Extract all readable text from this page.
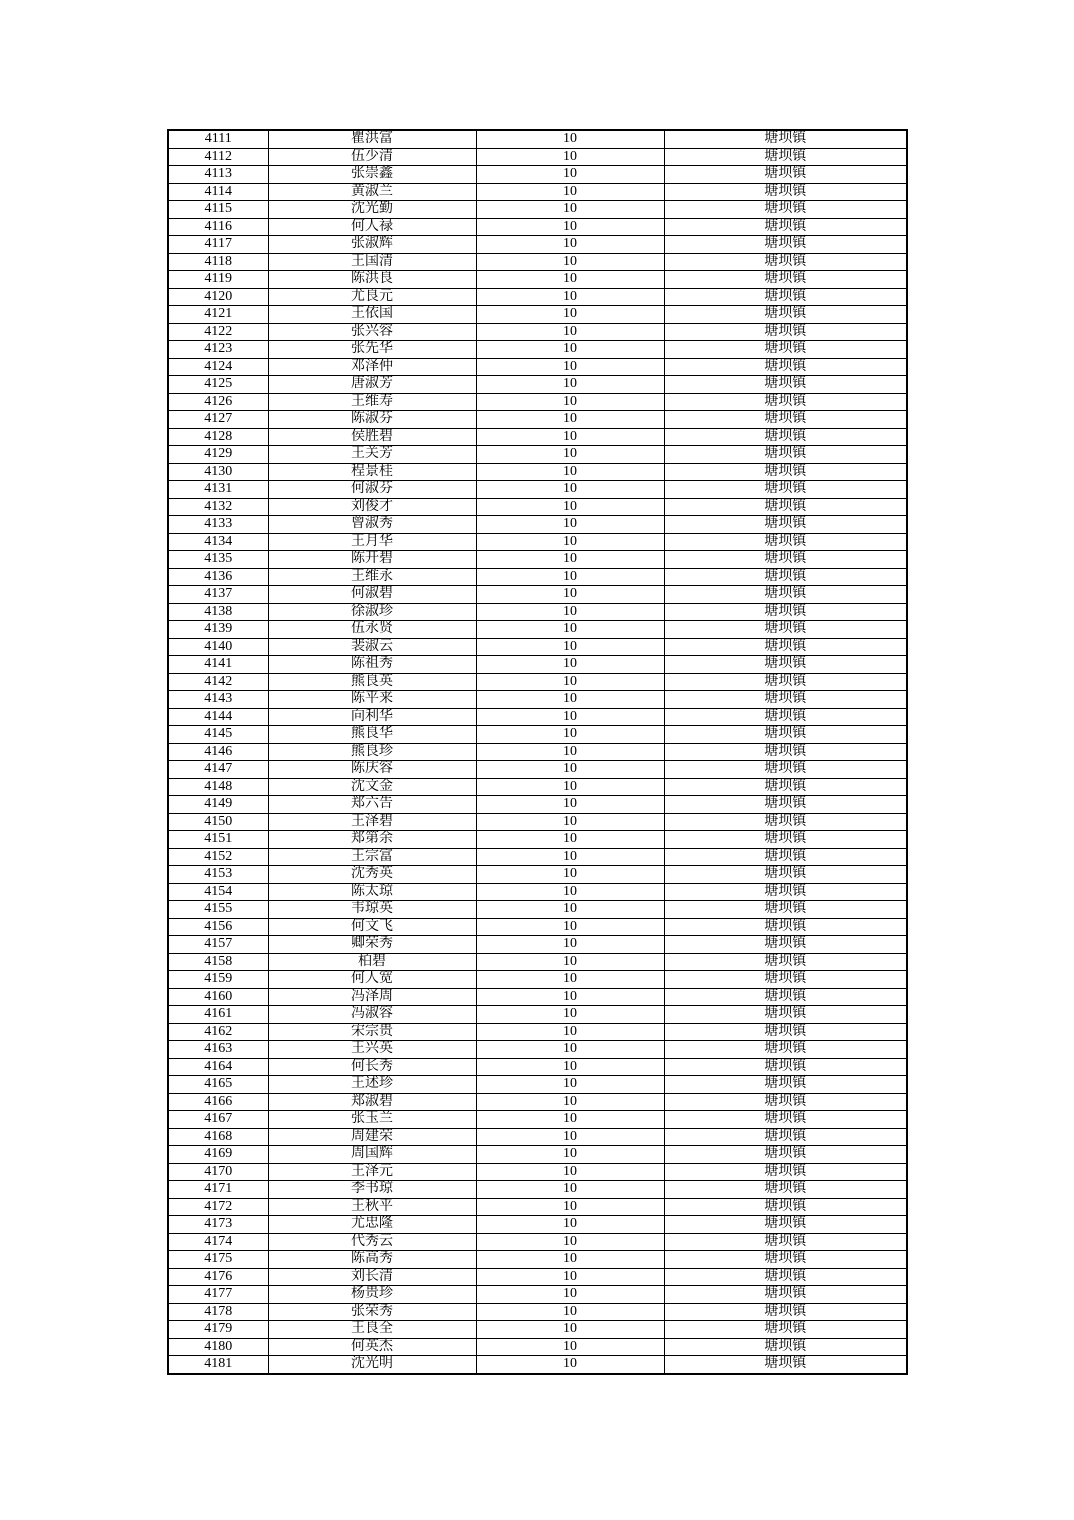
4111	瞿洪富	10	塘坝镇
4112	伍少清	10	塘坝镇
4113	张崇鑫	10	塘坝镇
4114	黄淑兰	10	塘坝镇
4115	沈光勤	10	塘坝镇
4116	何人禄	10	塘坝镇
4117	张淑辉	10	塘坝镇
4118	王国清	10	塘坝镇
4119	陈洪良	10	塘坝镇
4120	尤良元	10	塘坝镇
4121	王依国	10	塘坝镇
4122	张兴容	10	塘坝镇
4123	张先华	10	塘坝镇
4124	邓泽仲	10	塘坝镇
4125	唐淑芳	10	塘坝镇
4126	王维寿	10	塘坝镇
4127	陈淑芬	10	塘坝镇
4128	侯胜碧	10	塘坝镇
4129	王关芳	10	塘坝镇
4130	程景桂	10	塘坝镇
4131	何淑芬	10	塘坝镇
4132	刘俊才	10	塘坝镇
4133	曾淑秀	10	塘坝镇
4134	王月华	10	塘坝镇
4135	陈开碧	10	塘坝镇
4136	王维永	10	塘坝镇
4137	何淑碧	10	塘坝镇
4138	徐淑珍	10	塘坝镇
4139	伍永贤	10	塘坝镇
4140	裴淑云	10	塘坝镇
4141	陈祖秀	10	塘坝镇
4142	熊良英	10	塘坝镇
4143	陈平来	10	塘坝镇
4144	向利华	10	塘坝镇
4145	熊良华	10	塘坝镇
4146	熊良珍	10	塘坝镇
4147	陈庆容	10	塘坝镇
4148	沈文金	10	塘坝镇
4149	郑六告	10	塘坝镇
4150	王泽碧	10	塘坝镇
4151	郑第余	10	塘坝镇
4152	王宗富	10	塘坝镇
4153	沈秀英	10	塘坝镇
4154	陈太琼	10	塘坝镇
4155	韦琼英	10	塘坝镇
4156	何文飞	10	塘坝镇
4157	卿荣秀	10	塘坝镇
4158	柏碧	10	塘坝镇
4159	何人宽	10	塘坝镇
4160	冯泽周	10	塘坝镇
4161	冯淑容	10	塘坝镇
4162	宋宗贵	10	塘坝镇
4163	王兴英	10	塘坝镇
4164	何长秀	10	塘坝镇
4165	王述珍	10	塘坝镇
4166	郑淑碧	10	塘坝镇
4167	张玉兰	10	塘坝镇
4168	周建荣	10	塘坝镇
4169	周国辉	10	塘坝镇
4170	王泽元	10	塘坝镇
4171	李书琼	10	塘坝镇
4172	王秋平	10	塘坝镇
4173	尤忠隆	10	塘坝镇
4174	代秀云	10	塘坝镇
4175	陈高秀	10	塘坝镇
4176	刘长清	10	塘坝镇
4177	杨贵珍	10	塘坝镇
4178	张荣秀	10	塘坝镇
4179	王良全	10	塘坝镇
4180	何英杰	10	塘坝镇
4181	沈光明	10	塘坝镇
